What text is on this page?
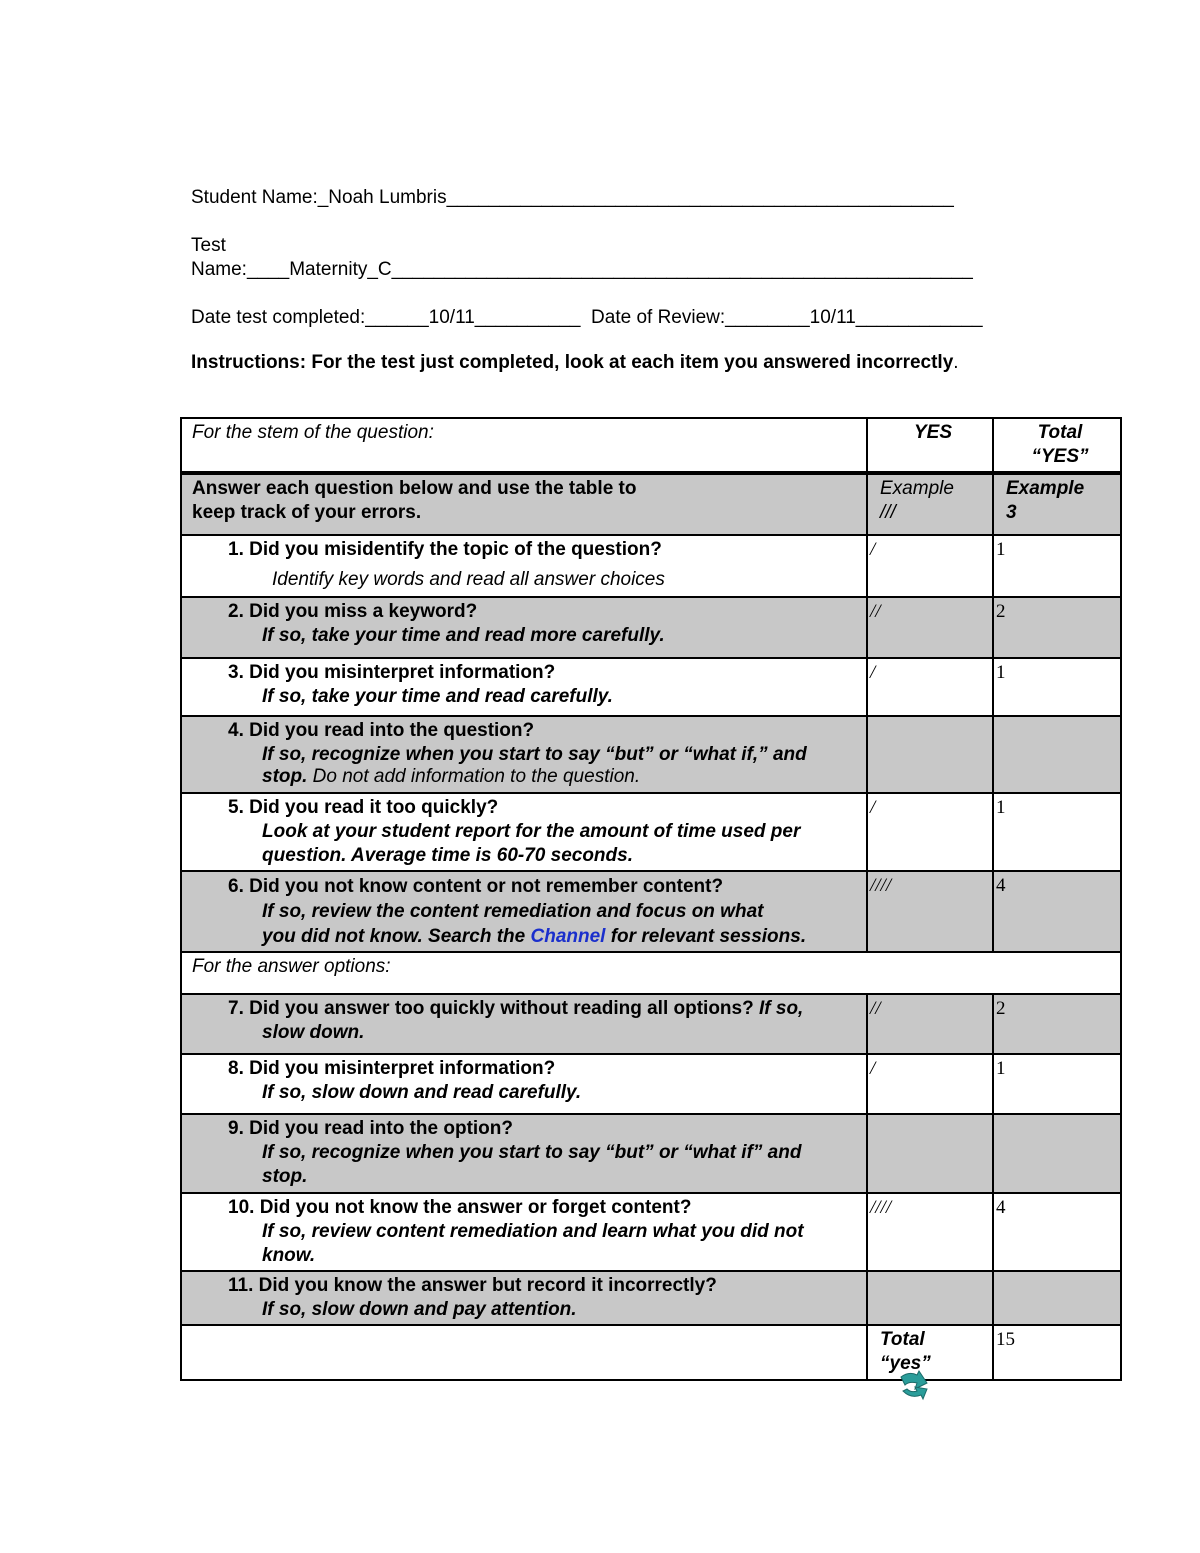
Student Name:_Noah Lumbris________________________________________________
Test
Name:____Maternity_C_______________________________________________________
Date test completed:______10/11__________  Date of Review:________10/11____________
Instructions: For the test just completed, look at each item you answered incorrectly.
For the stem of the question:	YES	Total
“YES”
Answer each question below and use the table to
keep track of your errors.	Example
///	Example
3

1. Did you misidentify the topic of the question?
Identify key words and read all answer choices	/	1

2. Did you miss a keyword?
If so, take your time and read more carefully.	//	2

3. Did you misinterpret information?
If so, take your time and read carefully.	/	1

4. Did you read into the question?
If so, recognize when you start to say “but” or “what if,” and
stop. Do not add information to the question.		

5. Did you read it too quickly?
Look at your student report for the amount of time used per
question. Average time is 60-70 seconds.	/	1

6. Did you not know content or not remember content?
If so, review the content remediation and focus on what
you did not know. Search the Channel for relevant sessions.	////	4
For the answer options:		

7. Did you answer too quickly without reading all options? If so,
slow down.	//	2

8. Did you misinterpret information?
If so, slow down and read carefully.	/	1

9. Did you read into the option?
If so, recognize when you start to say “but” or “what if” and
stop.		

10. Did you not know the answer or forget content?
If so, review content remediation and learn what you did not
know.	////	4

11. Did you know the answer but record it incorrectly?
If so, slow down and pay attention.		

	Total
“yes”	15
